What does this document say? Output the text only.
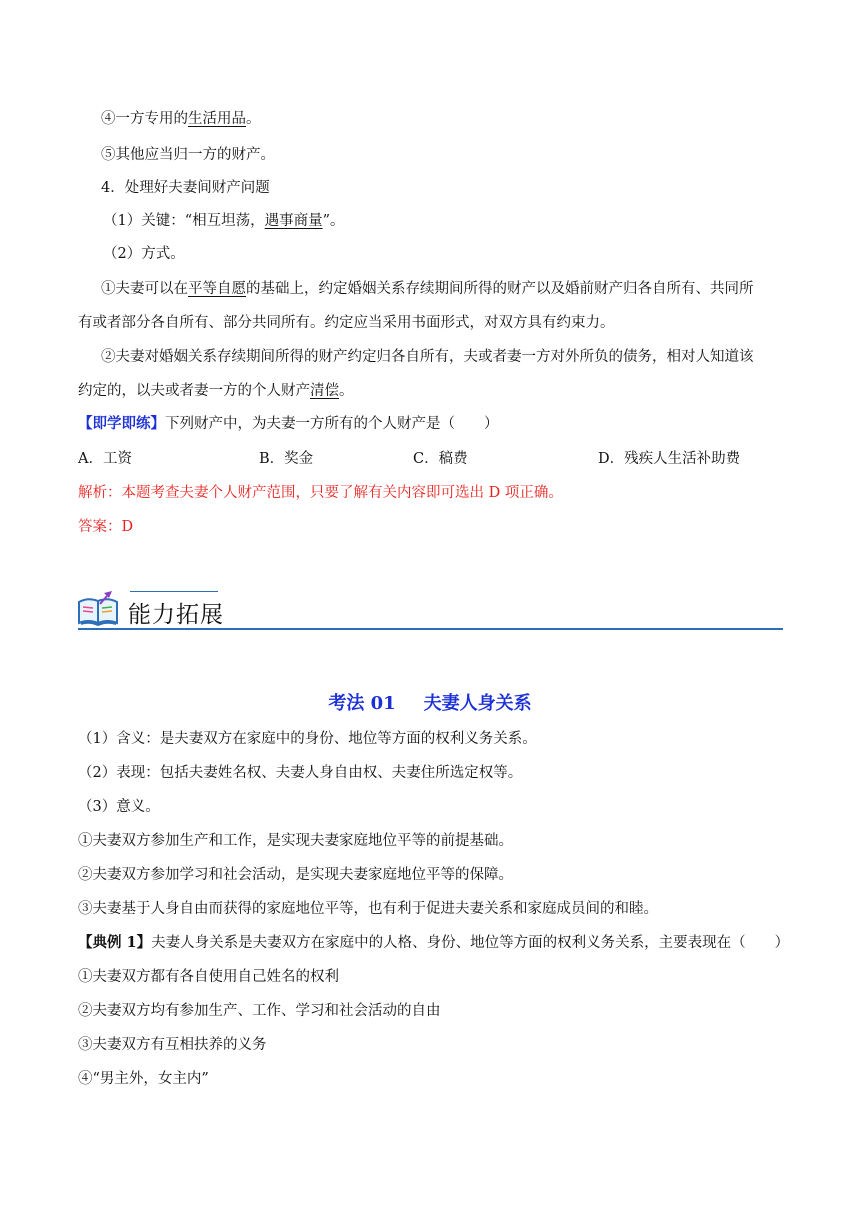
④一方专用的生活用品。
⑤其他应当归一方的财产。
4．处理好夫妻间财产问题
（1）关键：“相互坦荡，遇事商量”。
（2）方式。
①夫妻可以在平等自愿的基础上，约定婚姻关系存续期间所得的财产以及婚前财产归各自所有、共同所
有或者部分各自所有、部分共同所有。约定应当采用书面形式，对双方具有约束力。
②夫妻对婚姻关系存续期间所得的财产约定归各自所有，夫或者妻一方对外所负的债务，相对人知道该
约定的，以夫或者妻一方的个人财产清偿。
【即学即练】下列财产中，为夫妻一方所有的个人财产是（　　）
A．工资	B．奖金	C．稿费	D．残疾人生活补助费
解析：本题考查夫妻个人财产范围，只要了解有关内容即可选出 D 项正确。
答案：D
能力拓展
考法 01 夫妻人身关系
（1）含义：是夫妻双方在家庭中的身份、地位等方面的权利义务关系。
（2）表现：包括夫妻姓名权、夫妻人身自由权、夫妻住所选定权等。
（3）意义。
①夫妻双方参加生产和工作，是实现夫妻家庭地位平等的前提基础。
②夫妻双方参加学习和社会活动，是实现夫妻家庭地位平等的保障。
③夫妻基于人身自由而获得的家庭地位平等，也有利于促进夫妻关系和家庭成员间的和睦。
【典例 1】夫妻人身关系是夫妻双方在家庭中的人格、身份、地位等方面的权利义务关系，主要表现在（　　）
①夫妻双方都有各自使用自己姓名的权利
②夫妻双方均有参加生产、工作、学习和社会活动的自由
③夫妻双方有互相扶养的义务
④“男主外，女主内”
